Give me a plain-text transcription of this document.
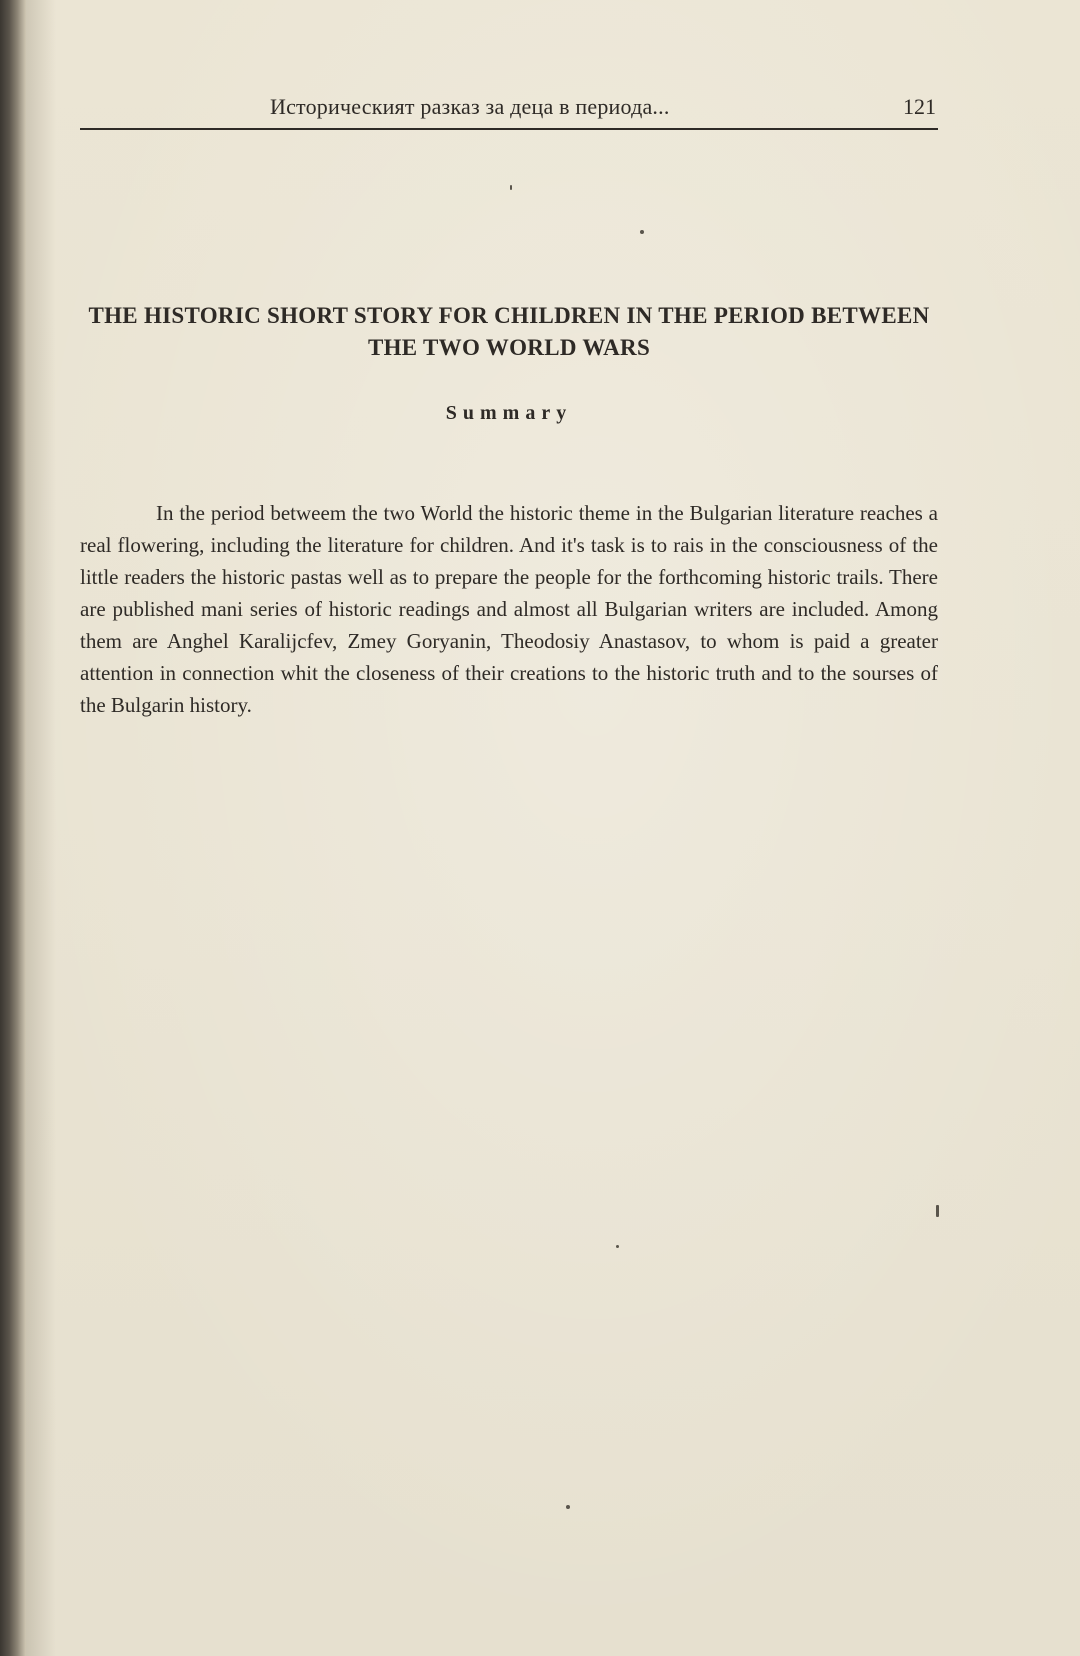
Историческият разказ за деца в периода...	121
THE HISTORIC SHORT STORY FOR CHILDREN IN THE PERIOD BETWEEN THE TWO WORLD WARS
Summary

In the period betweem the two World the historic theme in the Bulgarian literature reaches a real flowering, including the literature for children. And it's task is to rais in the consciousness of the little readers the historic pastas well as to prepare the people for the forthcoming historic trails. There are published mani series of historic readings and almost all Bulgarian writers are included. Among them are Anghel Karalijcfev, Zmey Goryanin, Theodosiy Anastasov, to whom is paid a greater attention in connection whit the closeness of their creations to the historic truth and to the sourses of the Bulgarin history.
